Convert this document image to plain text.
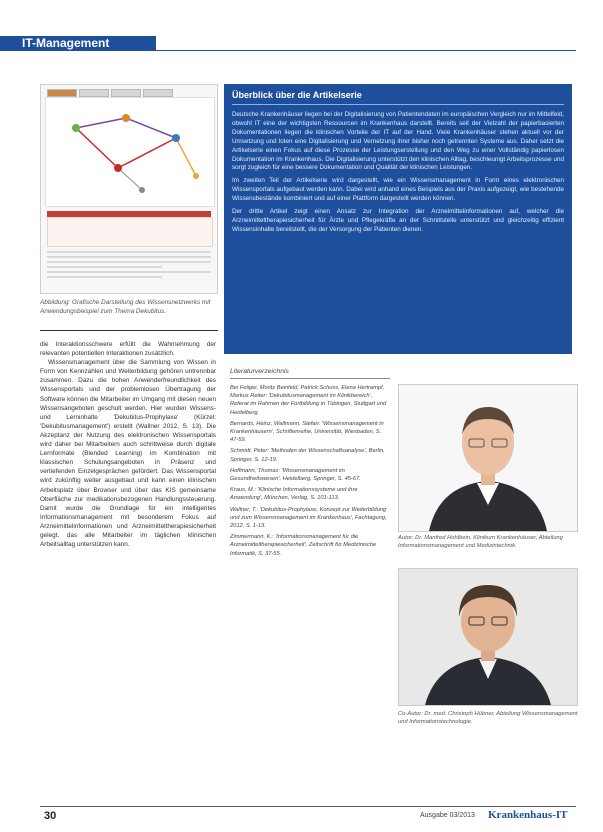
IT-Management
Abbildung: Grafische Darstellung des Wissensnetzwerks mit Anwendungsbeispiel zum Thema Dekubitus.

die Interaktionsschwere erfüllt die Wahrnehmung der relevanten potentiellen Interaktionen zusätzlich.

Wissensmanagement über die Sammlung von Wissen in Form von Kennzahlen und Weiterbildung gehören untrennbar zusammen. Dazu die hohen Anwenderfreundlichkeit des Wissensportals und der problemlosen Übertragung der Software können die Mitarbeiter im Umgang mit diesen neuen Wissensangeboten geschult werden. Hier wurden Wissens- und Lerninhalte 'Dekubitus-Prophylaxe' (Kürzel: 'Dekubitusmanagement') erstellt (Wallner 2012, S. 13). Die Akzeptanz der Nutzung des elektronischen Wissensportals wird daher bei Mitarbeitern auch schrittweise durch digitale Lernformate (Blended Learning) im Kombination mit klassischen Schulungsangeboten in Präsenz und vertiefenden Einzelgesprächen gefördert. Das Wissensportal wird zukünftig weiter ausgebaut und kann einen klinischen Arbeitsplatz über Browser und über das KIS gemeinsame Oberfläche zur medikationsbezogenen Handlungssteuerung. Damit wurde die Grundlage für ein intelligentes Informationsmanagement mit besonderem Fokus auf Arzneimittelinformationen und Arzneimitteltherapiesicherheit gelegt, das alle Mitarbeiter im täglichen klinischen Arbeitsalltag unterstützen kann.

Überblick über die Artikelserie

Deutsche Krankenhäuser liegen bei der Digitalisierung von Patientendaten im europäischen Vergleich nur im Mittelfeld, obwohl IT eine der wichtigsten Ressourcen im Krankenhaus darstellt. Bereits seit der Vielzahl der papierbasierten Dokumentationen liegen die klinischen Vorteile der IT auf der Hand. Viele Krankenhäuser stehen aktuell vor der Umsetzung und loten eine Digitalisierung und Vernetzung ihrer bisher noch getrennten Systeme aus. Daher setzt die Artikelserie einen Fokus auf diese Prozesse der Leistungserstellung und den Weg zu einer Vollständig papierlosen Dokumentation im Krankenhaus. Die Digitalisierung unterstützt den klinischen Alltag, beschleunigt Arbeitsprozesse und sorgt zugleich für eine bessere Dokumentation und Qualität der klinischen Leistungen.

Im zweiten Teil der Artikelserie wird dargestellt, wie ein Wissensmanagement in Form eines elektronischen Wissensportals aufgebaut werden kann. Dabei wird anhand eines Beispiels aus der Praxis aufgezeigt, wie bestehende Wissensbestände kombiniert und auf einer Plattform dargestellt werden können.

Der dritte Artikel zeigt einen Ansatz zur Integration der Arzneimittelinformationen auf, welcher die Arzneimitteltherapiesicherheit für Ärzte und Pflegekräfte an der Schnittstelle unterstützt und gleichzeitig effizient Wissensinhalte bereitstellt, die der Versorgung der Patienten dienen.

Literaturverzeichnis

Bei Feligei, Moritz Beinfeld, Patrick Schoss, Elena Hertrampf, Markus Reiter: 'Dekubitusmanagement im Klinikbereich', Referat im Rahmen der Fortbildung in Tübingen, Stuttgart und Heidelberg.

Bernards, Heinz, Wallmann, Stefan: 'Wissensmanagement in Krankenhäusern', Schriftenreihe, Universität, Wiesbaden, S. 47-59.

Schmidt, Peter: 'Methoden der Wissenschaftsanalyse', Berlin, Springer, S. 12-19.

Hoffmann, Thomas: 'Wissensmanagement im Gesundheitswesen', Heidelberg, Springer, S. 45-67.

Kraus, M.: 'Klinische Informationssysteme und ihre Anwendung', München, Verlag, S. 101-113.

Wallner, T.: 'Dekubitus-Prophylaxe, Konzept zur Weiterbildung und zum Wissensmanagement im Krankenhaus', Fachtagung, 2012, S. 1-13.

Zimmermann, K.: 'Informationsmanagement für die Arzneimitteltherapiesicherheit', Zeitschrift für Medizinische Informatik, S. 37-55.

Autor: Dr. Manfred Hohlbein, Klinikum Krankenhäuser, Abteilung Informationsmanagement und Medizintechnik.
Co-Autor: Dr. med. Christoph Hübner, Abteilung Wissensmanagement und Informationstechnologie.
30	Ausgabe 03/2013 Krankenhaus-IT
